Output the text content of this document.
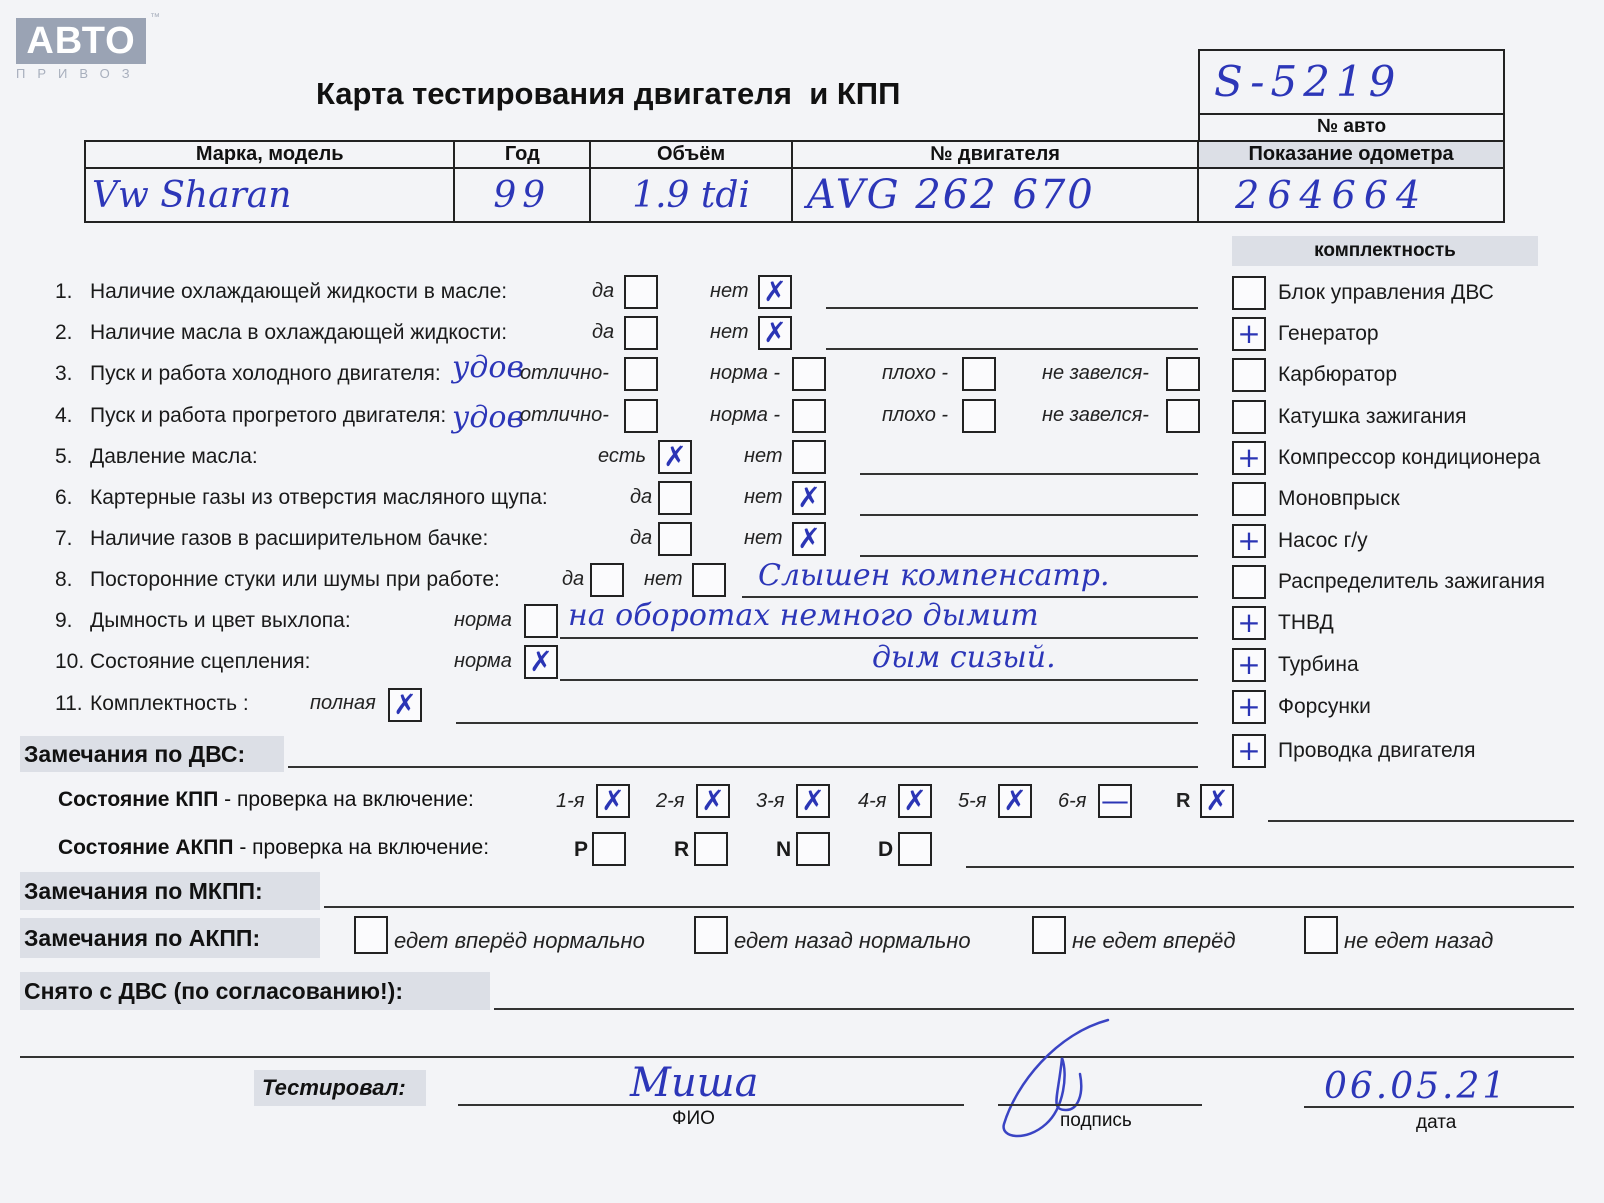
АВТО
ПРИВОЗ
™
Карта тестирования двигателя  и КПП	S-5219
№ авто
Марка, модель	Год	Объём	№ двигателя	Показание одометра
Vw Sharan	99	1.9 tdi	AVG 262 670	264664
комплектность
Блок управления ДВС
+ Генератор
Карбюратор
Катушка зажигания
+ Компрессор кондиционера
Моновпрыск
+ Насос г/у
Распределитель зажигания
+ ТНВД
+ Турбина
+ Форсунки
+ Проводка двигателя
1. Наличие охлаждающей жидкости в масле:	да	нет ✗
2. Наличие масла в охлаждающей жидкости:	да	нет ✗
3. Пуск и работа холодного двигателя: удов
отлично-	норма -	плохо -	не завелся-
4. Пуск и работа прогретого двигателя: удов
отлично-	норма -	плохо -	не завелся-
5. Давление масла:	есть ✗	нет
6. Картерные газы из отверстия масляного щупа:	да	нет ✗
7. Наличие газов в расширительном бачке:	да	нет ✗
8. Посторонние стуки или шумы при работе:	да	нет	Слышен компенсатр.
9. Дымность и цвет выхлопа:	норма на оборотах немного дымит
10. Состояние сцепления:	норма ✗	дым сизый.
11. Комплектность :	полная ✗
Замечания по ДВС:
Состояние КПП - проверка на включение:	1-я ✗ 2-я ✗ 3-я ✗ 4-я ✗ 5-я ✗ 6-я — R ✗
Состояние АКПП - проверка на включение:	P	R	N	D
Замечания по МКПП:
Замечания по АКПП:	едет вперёд нормально	едет назад нормально	не едет вперёд	не едет назад
Снято с ДВС (по согласованию!):
Тестировал:	Миша
ФИО	подпись
06.05.21
дата
